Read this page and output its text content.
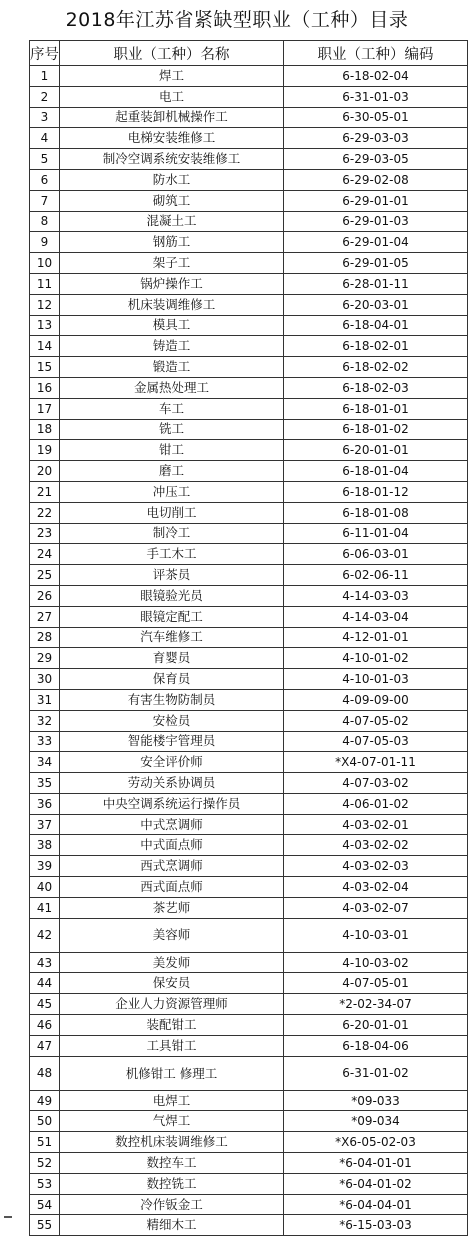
2018年江苏省紧缺型职业（工种）目录
序号	职业（工种）名称	职业（工种）编码
1	焊工	6-18-02-04
2	电工	6-31-01-03
3	起重装卸机械操作工	6-30-05-01
4	电梯安装维修工	6-29-03-03
5	制冷空调系统安装维修工	6-29-03-05
6	防水工	6-29-02-08
7	砌筑工	6-29-01-01
8	混凝土工	6-29-01-03
9	钢筋工	6-29-01-04
10	架子工	6-29-01-05
11	锅炉操作工	6-28-01-11
12	机床装调维修工	6-20-03-01
13	模具工	6-18-04-01
14	铸造工	6-18-02-01
15	锻造工	6-18-02-02
16	金属热处理工	6-18-02-03
17	车工	6-18-01-01
18	铣工	6-18-01-02
19	钳工	6-20-01-01
20	磨工	6-18-01-04
21	冲压工	6-18-01-12
22	电切削工	6-18-01-08
23	制冷工	6-11-01-04
24	手工木工	6-06-03-01
25	评茶员	6-02-06-11
26	眼镜验光员	4-14-03-03
27	眼镜定配工	4-14-03-04
28	汽车维修工	4-12-01-01
29	育婴员	4-10-01-02
30	保育员	4-10-01-03
31	有害生物防制员	4-09-09-00
32	安检员	4-07-05-02
33	智能楼宇管理员	4-07-05-03
34	安全评价师	*X4-07-01-11
35	劳动关系协调员	4-07-03-02
36	中央空调系统运行操作员	4-06-01-02
37	中式烹调师	4-03-02-01
38	中式面点师	4-03-02-02
39	西式烹调师	4-03-02-03
40	西式面点师	4-03-02-04
41	茶艺师	4-03-02-07
42	美容师	4-10-03-01
43	美发师	4-10-03-02
44	保安员	4-07-05-01
45	企业人力资源管理师	*2-02-34-07
46	装配钳工	6-20-01-01
47	工具钳工	6-18-04-06
48	机修钳工 修理工	6-31-01-02
49	电焊工	*09-033
50	气焊工	*09-034
51	数控机床装调维修工	*X6-05-02-03
52	数控车工	*6-04-01-01
53	数控铣工	*6-04-01-02
54	冷作钣金工	*6-04-04-01
55	精细木工	*6-15-03-03
